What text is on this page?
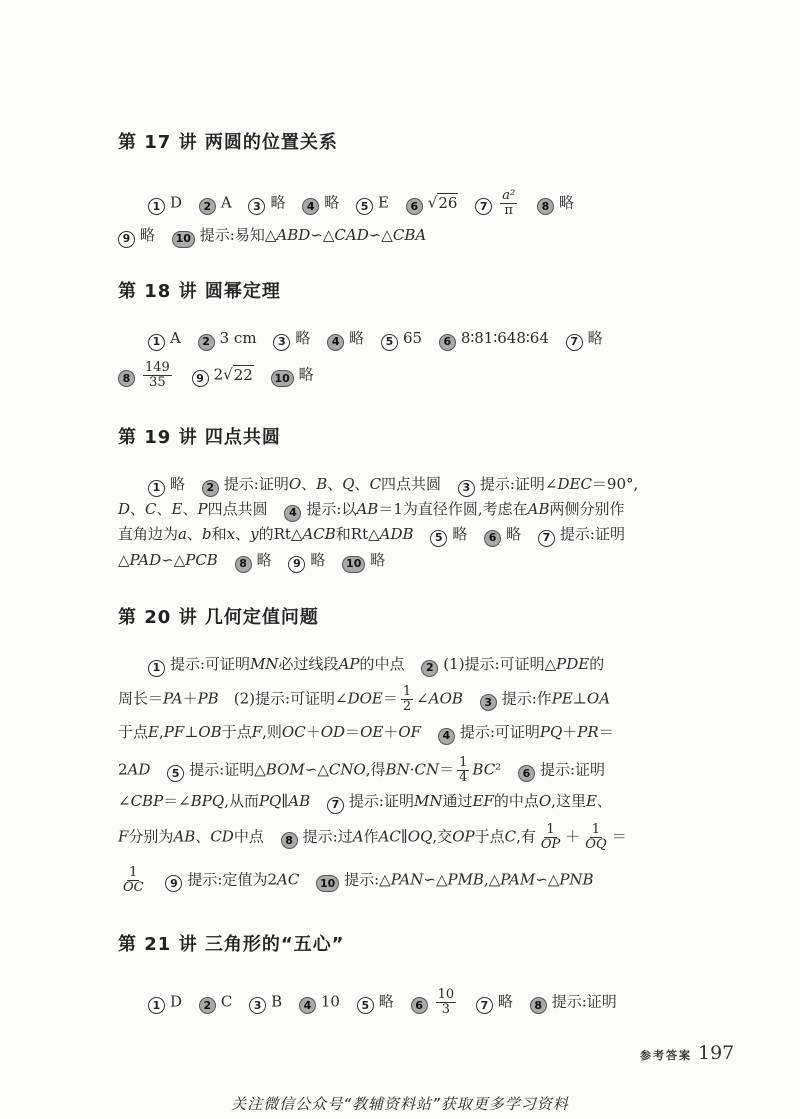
第 17 讲 两圆的位置关系
1 D 2 A 3 略 4 略 5 E 6 √26 $7 \frac{\text{a²}}{\pi} 8$ 略
9 略 10 提示:易知△ABD∽△CAD∽△CBA
第 18 讲 圆幂定理
1 A 2 3 cm 3 略 4 略 5 65 6 8∶81∶648∶64 7 略
$8 \frac{149}{35} 9$ 2√22 10 略
第 19 讲 四点共圆
1 略 2 提示:证明O、B、Q、C四点共圆 3 提示:证明∠DEC＝90°,
D、C、E、P四点共圆 4 提示:以AB＝1为直径作圆,考虑在AB两侧分别作
直角边为a、b和x、y的Rt△ACB和Rt△ADB 5 略 6 略 7 提示:证明
△PAD∽△PCB 8 略 9 略 10 略
第 20 讲 几何定值问题
1 提示:可证明MN必过线段AP的中点 2 (1)提示:可证明△PDE的
周长＝PA＋PB　(2)提示:可证明∠DOE＝ $\frac{1}{2}$ ∠AOB 3 提示:作PE⊥OA
于点E,PF⊥OB于点F,则OC＋OD＝OE＋OF 4 提示:可证明PQ＋PR＝
2AD 5 提示:证明△BOM∽△CNO,得$BN\cdot CN= \frac{1}{4} BC^2$ 6 提示:证明
∠CBP＝∠BPQ,从而PQ∥AB 7 提示:证明MN通过EF的中点O,这里E、
F分别为AB、CD中点 8 提示:过A作AC∥OQ,交OP于点C,有 $\frac{1}{OP} + \frac{1}{OQ}$ ＝
$\frac{1}{OC} 9$ 提示:定值为2AC 10 提示:△PAN∽△PMB,△PAM∽△PNB
第 21 讲 三角形的“五心”
1 D 2 C 3 B 4 10 5 略 $6 \frac{10}{3} 7$ 略 8 提示:证明
参考答案 197
关注微信公众号“教辅资料站”获取更多学习资料
